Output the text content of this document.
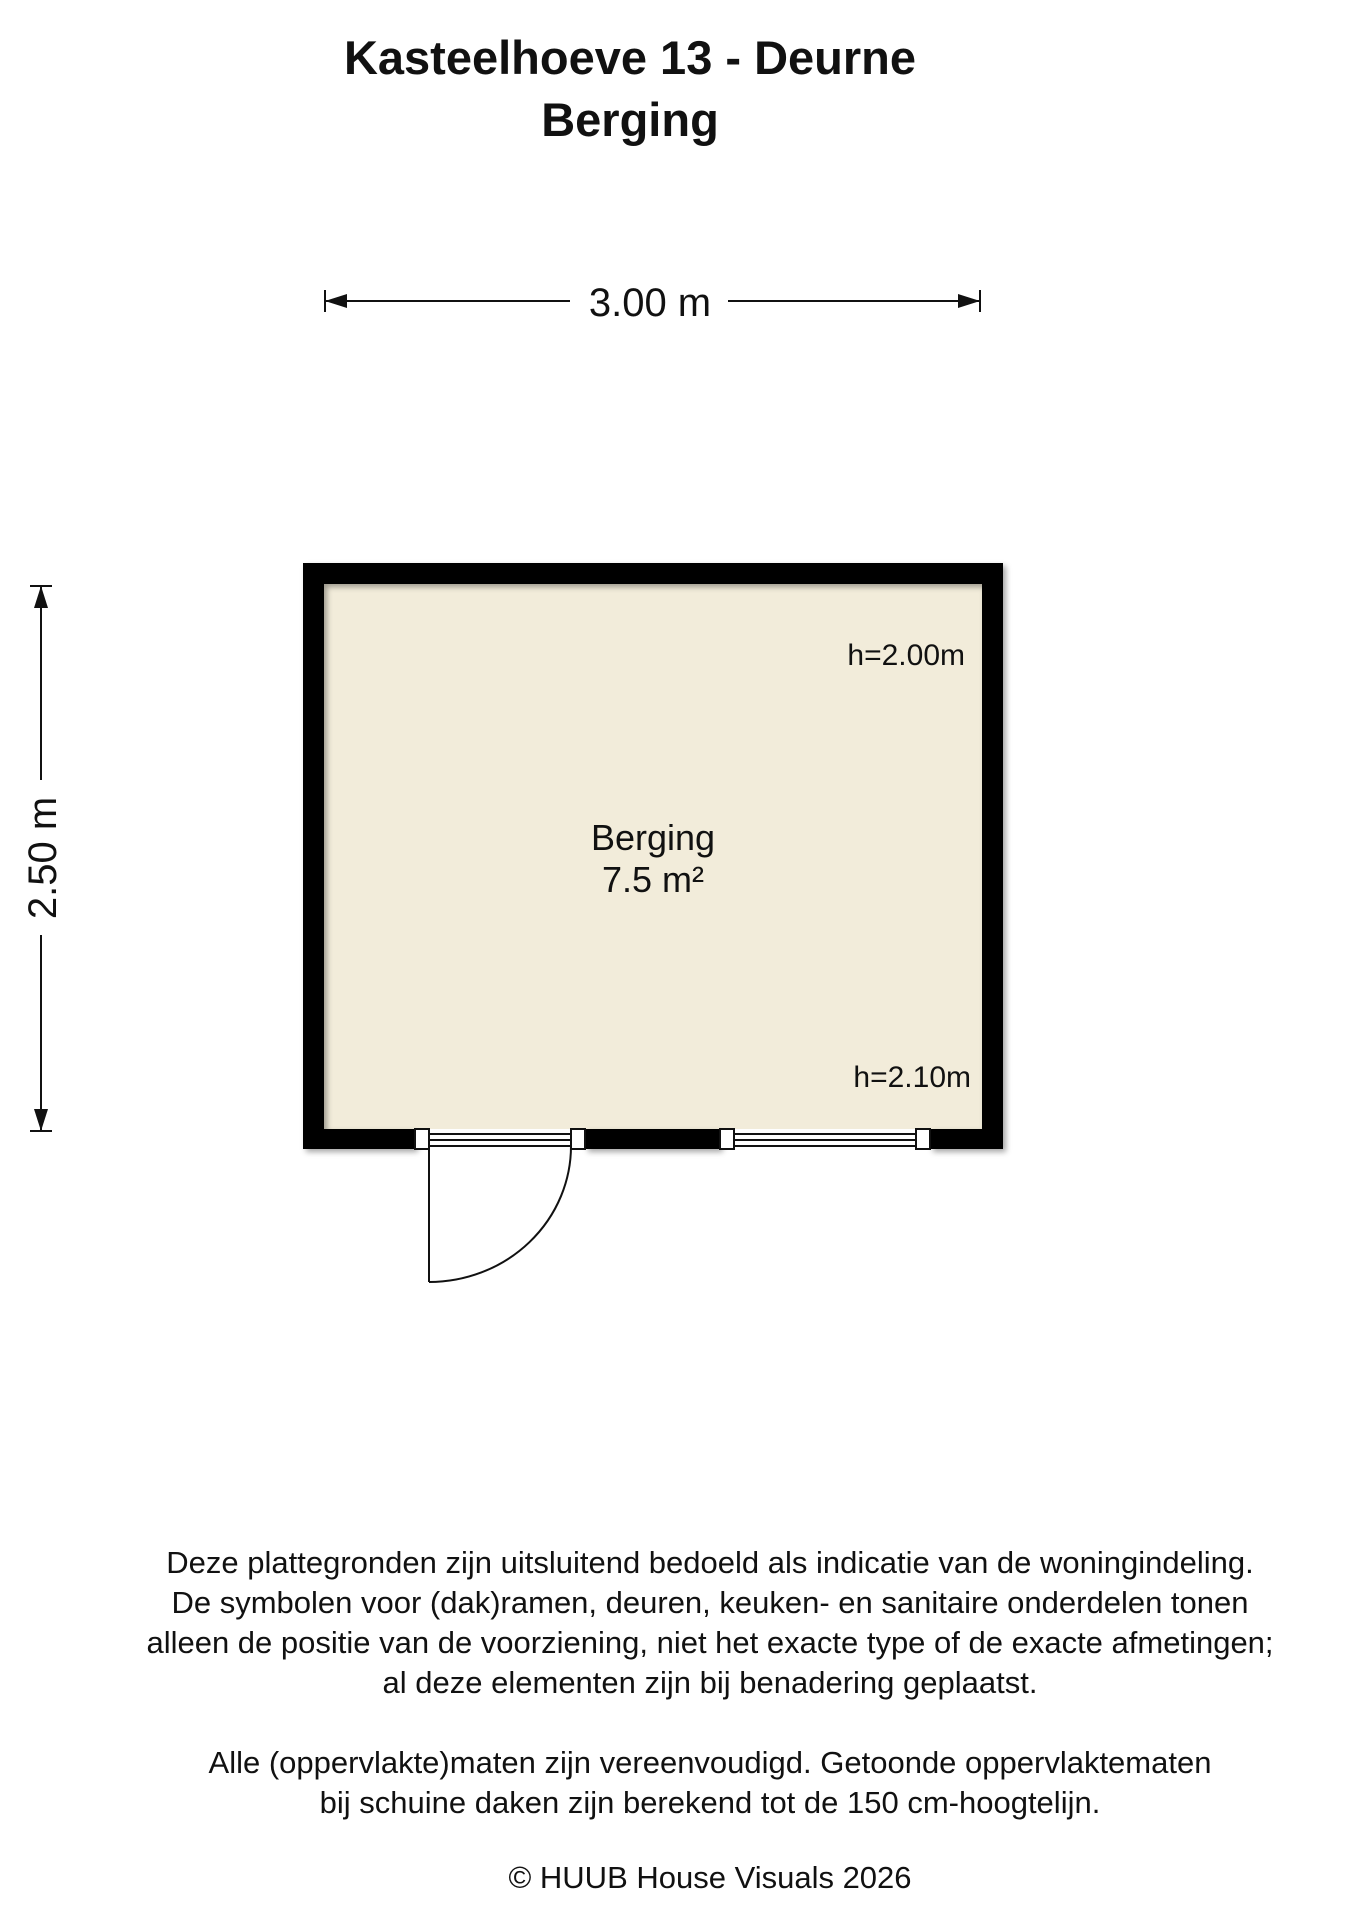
Kasteelhoeve 13 - Deurne
Berging
3.00 m
2.50 m	Berging
7.5 m²
h=2.00m
h=2.10m

Deze plattegronden zijn uitsluitend bedoeld als indicatie van de woningindeling.

De symbolen voor (dak)ramen, deuren, keuken- en sanitaire onderdelen tonen

alleen de positie van de voorziening, niet het exacte type of de exacte afmetingen;

al deze elementen zijn bij benadering geplaatst.

Alle (oppervlakte)maten zijn vereenvoudigd. Getoonde oppervlaktematen

bij schuine daken zijn berekend tot de 150 cm-hoogtelijn.

© HUUB House Visuals 2026
